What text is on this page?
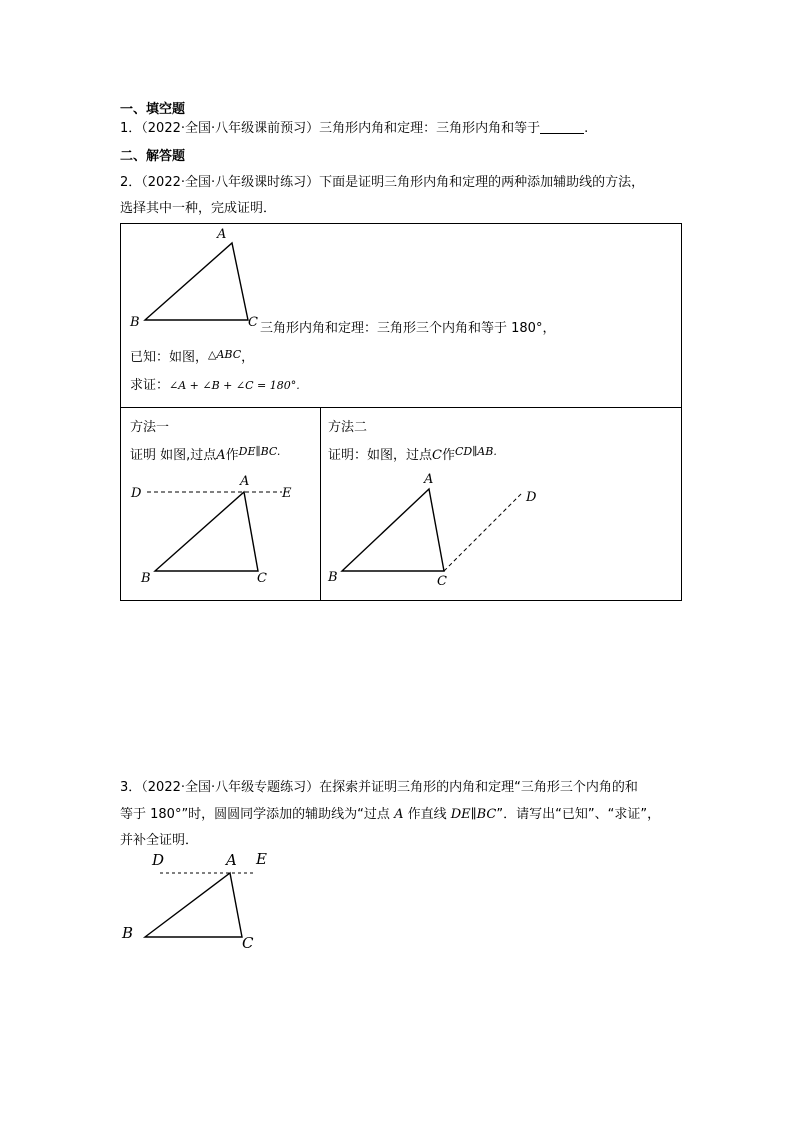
一、填空题
1．（2022·全国·八年级课前预习）三角形内角和定理：三角形内角和等于	.
二、解答题
2．（2022·全国·八年级课时练习）下面是证明三角形内角和定理的两种添加辅助线的方法，
选择其中一种，完成证明．
A
B	C 三角形内角和定理：三角形三个内角和等于 180°，
已知：如图，$^{\triangle ABC}$，
求证：∠A + ∠B + ∠C = 180°.
方法一
证明 如图,过点A作$^{DE\parallel BC.}$
D
A
E
B	C
方法二
证明：如图，过点C作$^{CD\parallel AB.}$
A
D
B	C
3．（2022·全国·八年级专题练习）在探索并证明三角形的内角和定理“三角形三个内角的和
等于 180°”时，圆圆同学添加的辅助线为“过点 A 作直线 DE∥BC”．请写出“已知”、“求证”，
并补全证明．
D	A E
B
C
